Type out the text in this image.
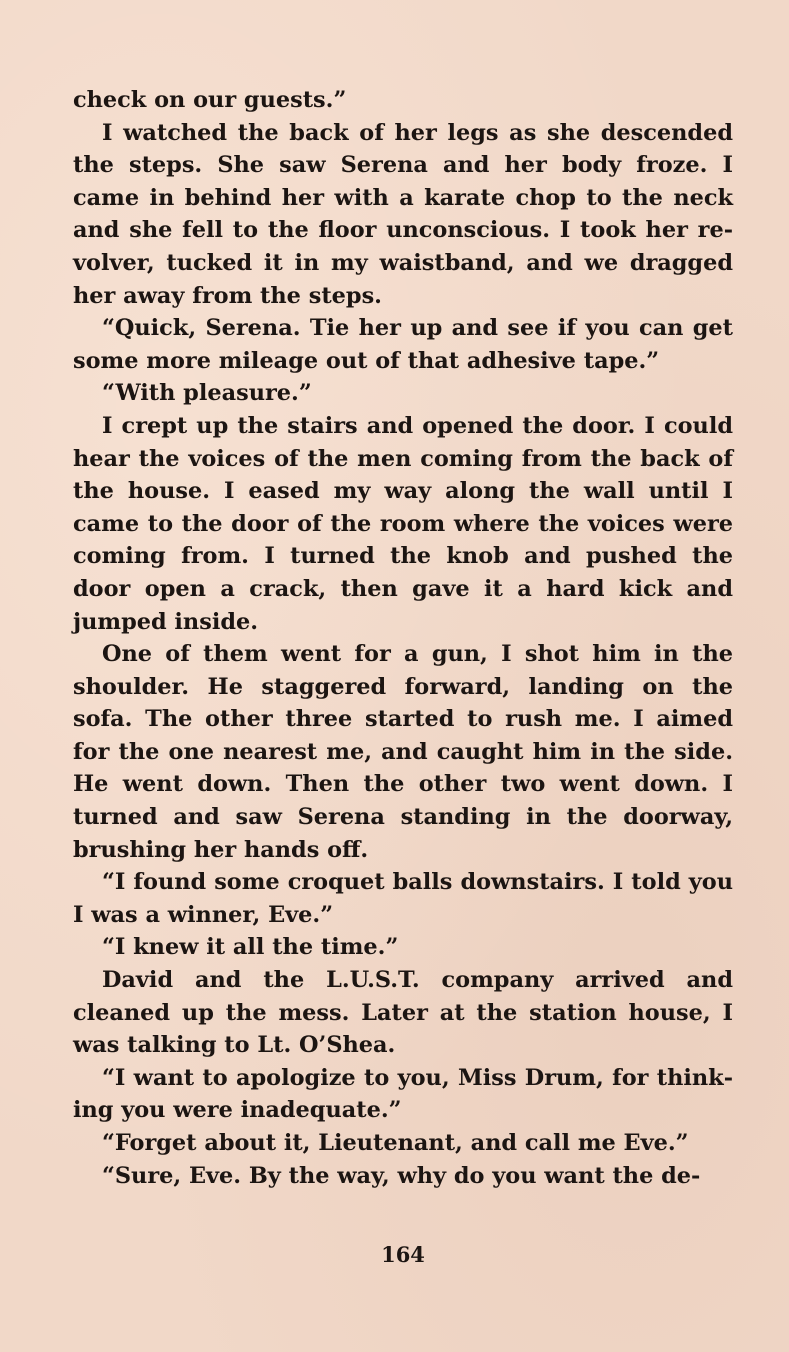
check on our guests.”

I watched the back of her legs as she descended the steps. She saw Serena and her body froze. I came in behind her with a karate chop to the neck and she fell to the floor unconscious. I took her revolver, tucked it in my waistband, and we dragged her away from the steps.

“Quick, Serena. Tie her up and see if you can get some more mileage out of that adhesive tape.”

“With pleasure.”

I crept up the stairs and opened the door. I could hear the voices of the men coming from the back of the house. I eased my way along the wall until I came to the door of the room where the voices were coming from. I turned the knob and pushed the door open a crack, then gave it a hard kick and jumped inside.

One of them went for a gun, I shot him in the shoulder. He staggered forward, landing on the sofa. The other three started to rush me. I aimed for the one nearest me, and caught him in the side. He went down. Then the other two went down. I turned and saw Serena standing in the doorway, brushing her hands off.

“I found some croquet balls downstairs. I told you I was a winner, Eve.”

“I knew it all the time.”

David and the L.U.S.T. company arrived and cleaned up the mess. Later at the station house, I was talking to Lt. O’Shea.

“I want to apologize to you, Miss Drum, for thinking you were inadequate.”

“Forget about it, Lieutenant, and call me Eve.”

“Sure, Eve. By the way, why do you want the de-

164
